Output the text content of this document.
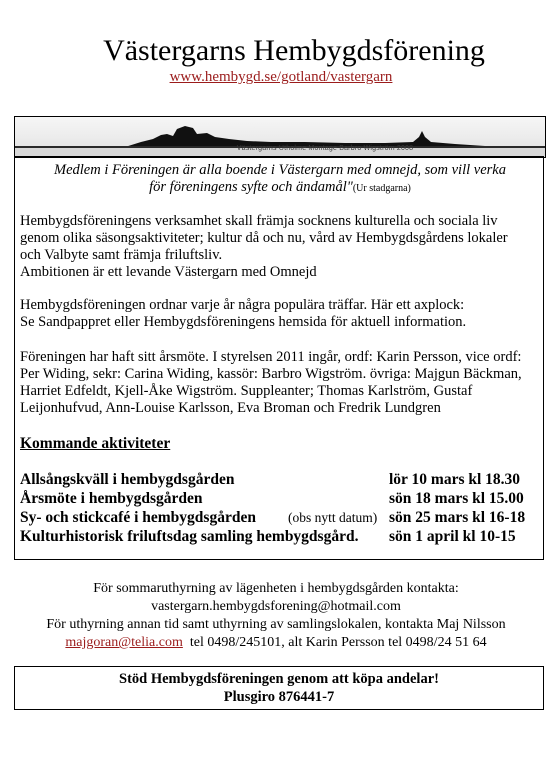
Västergarns Hembygdsförening
www.hembygd.se/gotland/vastergarn
Västergarns Utholme Montage Barbro Wigström 2008
Medlem i Föreningen är alla boende i Västergarn med omnejd, som vill verka
för föreningens syfte och ändamål"(Ur stadgarna)
Hembygdsföreningens verksamhet skall främja socknens kulturella och sociala liv
genom olika säsongsaktiviteter; kultur då och nu, vård av Hembygdsgårdens lokaler
och Valbyte samt främja friluftsliv.
Ambitionen är ett levande Västergarn med Omnejd
Hembygdsföreningen ordnar varje år några populära träffar. Här ett axplock:
Se Sandpappret eller Hembygdsföreningens hemsida för aktuell information.
Föreningen har haft sitt årsmöte. I styrelsen 2011 ingår, ordf: Karin Persson, vice ordf:
Per Widing, sekr: Carina Widing, kassör: Barbro Wigström. övriga: Majgun Bäckman,
Harriet Edfeldt, Kjell-Åke Wigström. Suppleanter; Thomas Karlström, Gustaf
Leijonhufvud, Ann-Louise Karlsson, Eva Broman och Fredrik Lundgren
Kommande aktiviteter
Allsångskväll i hembygdsgården	lör 10 mars kl 18.30
Årsmöte i hembygdsgården	sön 18 mars kl 15.00
Sy- och stickcafé i hembygdsgården (obs nytt datum) sön 25 mars kl 16-18
Kulturhistorisk friluftsdag samling hembygdsgård. sön 1 april kl 10-15
För sommaruthyrning av lägenheten i hembygdsgården kontakta:
vastergarn.hembygdsforening@hotmail.com
För uthyrning annan tid samt uthyrning av samlingslokalen, kontakta Maj Nilsson
majgoran@telia.com tel 0498/245101, alt Karin Persson tel 0498/24 51 64
Stöd Hembygdsföreningen genom att köpa andelar!
Plusgiro 876441-7
